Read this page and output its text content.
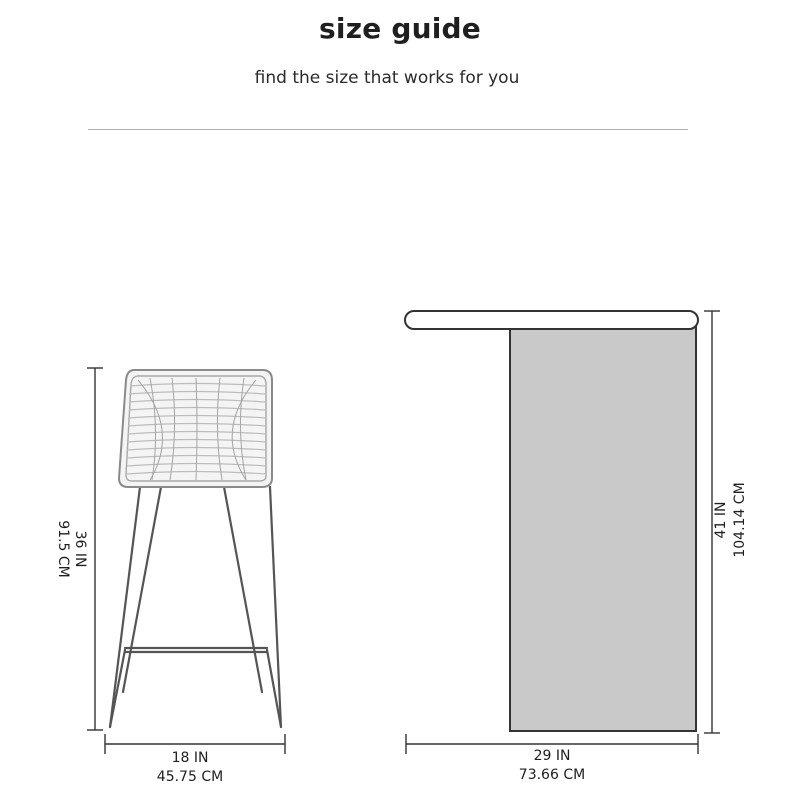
size guide
find the size that works for you
36 IN
91.5 CM
18 IN
45.75 CM
41 IN 104.14 CM
29 IN
73.66 CM
